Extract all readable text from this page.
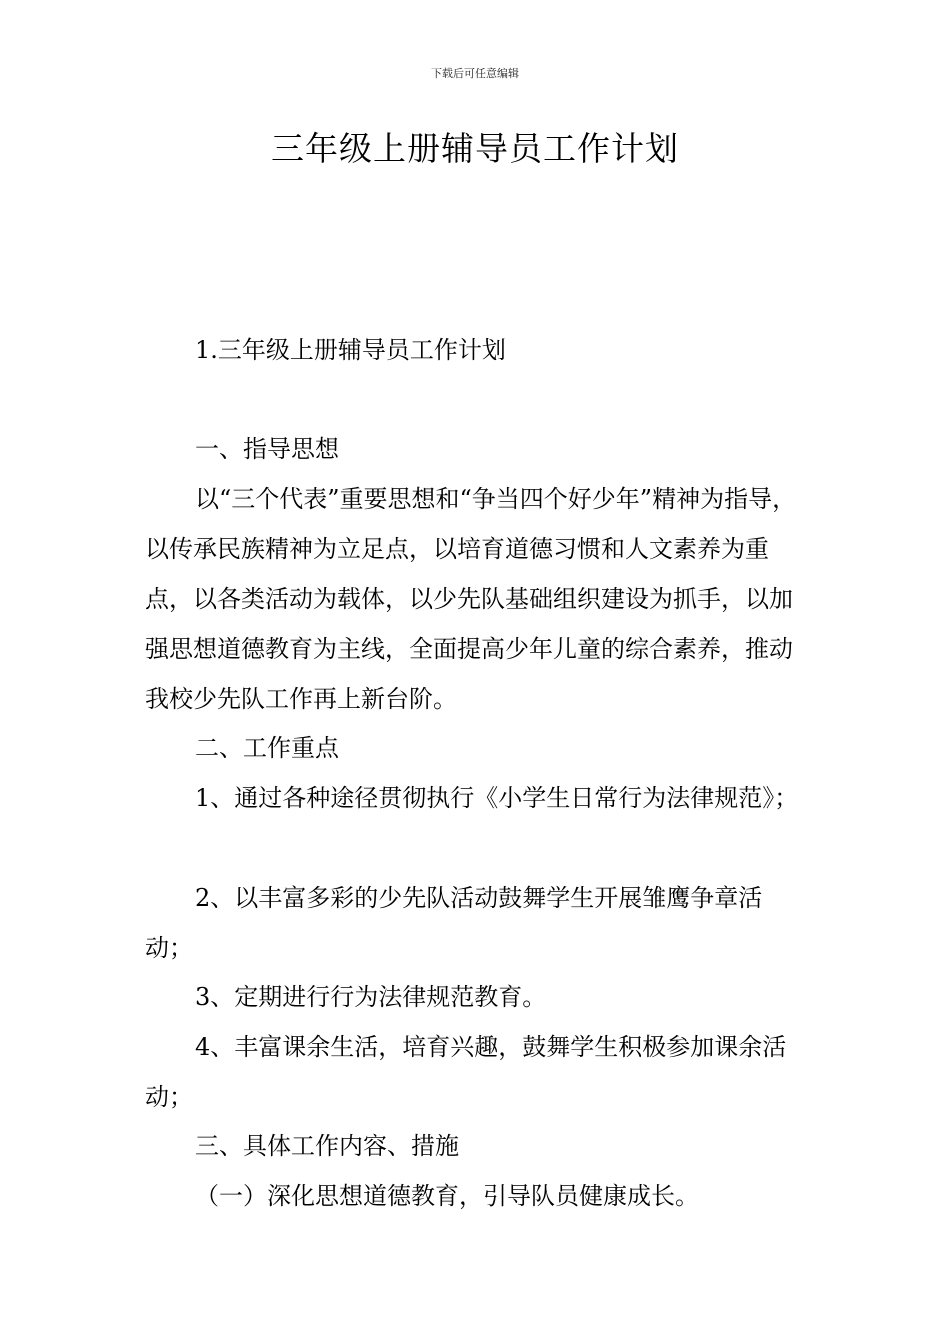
下载后可任意编辑
三年级上册辅导员工作计划
1.三年级上册辅导员工作计划
一、指导思想

以“三个代表”重要思想和“争当四个好少年”精神为指导，以传承民族精神为立足点，以培育道德习惯和人文素养为重点，以各类活动为载体，以少先队基础组织建设为抓手，以加强思想道德教育为主线，全面提高少年儿童的综合素养，推动我校少先队工作再上新台阶。

二、工作重点

1、通过各种途径贯彻执行《小学生日常行为法律规范》；

2、以丰富多彩的少先队活动鼓舞学生开展雏鹰争章活动；

3、定期进行行为法律规范教育。

4、丰富课余生活，培育兴趣，鼓舞学生积极参加课余活动；

三、具体工作内容、措施
（一）深化思想道德教育，引导队员健康成长。
